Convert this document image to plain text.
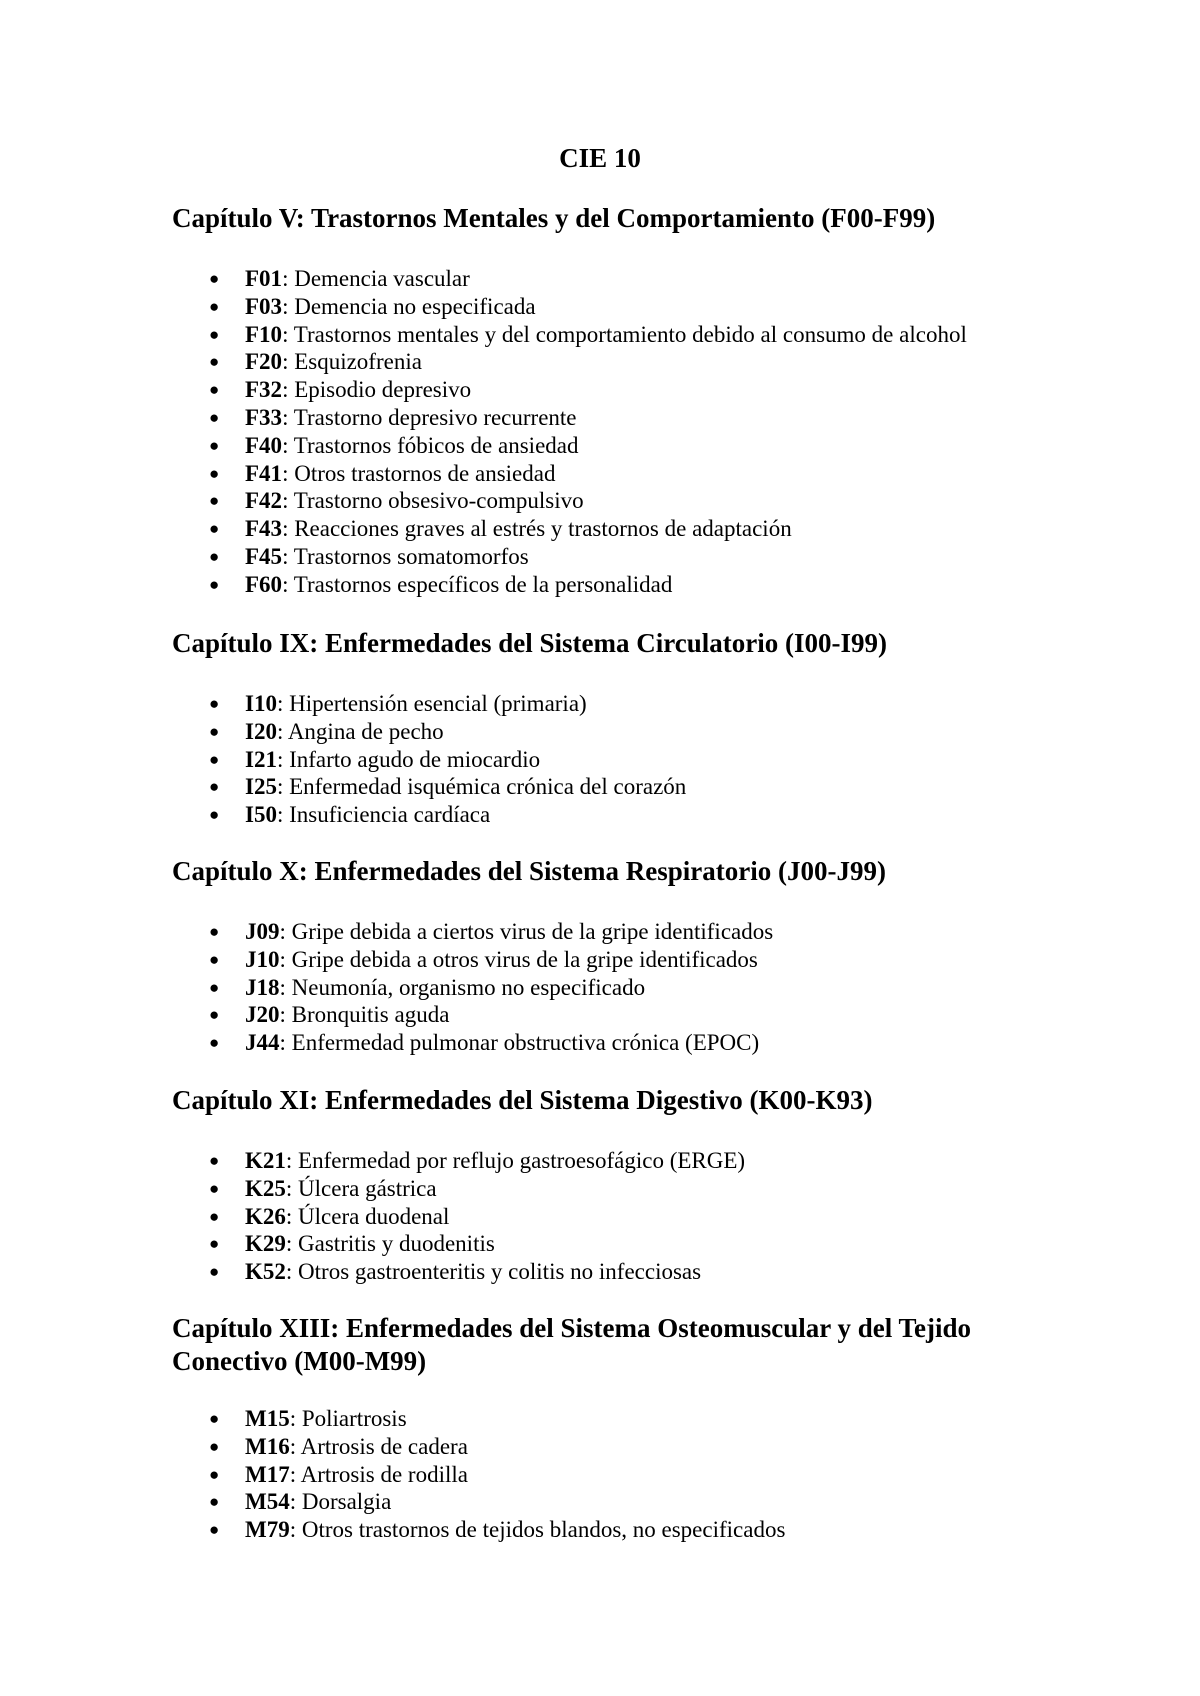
CIE 10
Capítulo V: Trastornos Mentales y del Comportamiento (F00-F99)
● F01: Demencia vascular
● F03: Demencia no especificada
● F10: Trastornos mentales y del comportamiento debido al consumo de alcohol
● F20: Esquizofrenia
● F32: Episodio depresivo
● F33: Trastorno depresivo recurrente
● F40: Trastornos fóbicos de ansiedad
● F41: Otros trastornos de ansiedad
● F42: Trastorno obsesivo-compulsivo
● F43: Reacciones graves al estrés y trastornos de adaptación
● F45: Trastornos somatomorfos
● F60: Trastornos específicos de la personalidad
Capítulo IX: Enfermedades del Sistema Circulatorio (I00-I99)
● I10: Hipertensión esencial (primaria)
● I20: Angina de pecho
● I21: Infarto agudo de miocardio
● I25: Enfermedad isquémica crónica del corazón
● I50: Insuficiencia cardíaca
Capítulo X: Enfermedades del Sistema Respiratorio (J00-J99)
● J09: Gripe debida a ciertos virus de la gripe identificados
● J10: Gripe debida a otros virus de la gripe identificados
● J18: Neumonía, organismo no especificado
● J20: Bronquitis aguda
● J44: Enfermedad pulmonar obstructiva crónica (EPOC)
Capítulo XI: Enfermedades del Sistema Digestivo (K00-K93)
● K21: Enfermedad por reflujo gastroesofágico (ERGE)
● K25: Úlcera gástrica
● K26: Úlcera duodenal
● K29: Gastritis y duodenitis
● K52: Otros gastroenteritis y colitis no infecciosas
Capítulo XIII: Enfermedades del Sistema Osteomuscular y del Tejido Conectivo (M00-M99)
● M15: Poliartrosis
● M16: Artrosis de cadera
● M17: Artrosis de rodilla
● M54: Dorsalgia
● M79: Otros trastornos de tejidos blandos, no especificados
